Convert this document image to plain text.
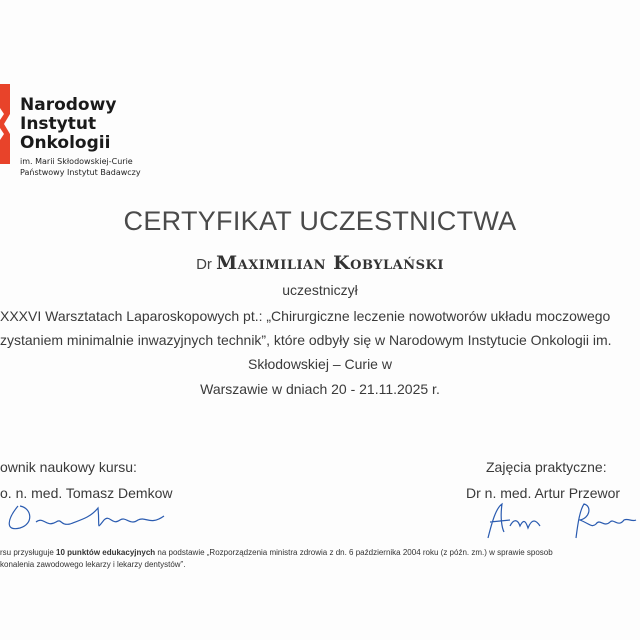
Narodowy
Instytut
Onkologii
im. Marii Skłodowskiej-Curie
Państwowy Instytut Badawczy
CERTYFIKAT UCZESTNICTWA
Dr Maximilian Kobylański
uczestniczył
XXXVI Warsztatach Laparoskopowych pt.: „Chirurgiczne leczenie nowotworów układu moczowego
zystaniem minimalnie inwazyjnych technik”, które odbyły się w Narodowym Instytucie Onkologii im.
Skłodowskiej – Curie w
Warszawie w dniach 20 - 21.11.2025 r.
ownik naukowy kursu:
o. n. med. Tomasz Demkow
Zajęcia praktyczne:
Dr n. med. Artur Przewor
rsu przysługuje 10 punktów edukacyjnych na podstawie „Rozporządzenia ministra zdrowia z dn. 6 października 2004 roku (z późn. zm.) w sprawie sposob
konalenia zawodowego lekarzy i lekarzy dentystów”.
